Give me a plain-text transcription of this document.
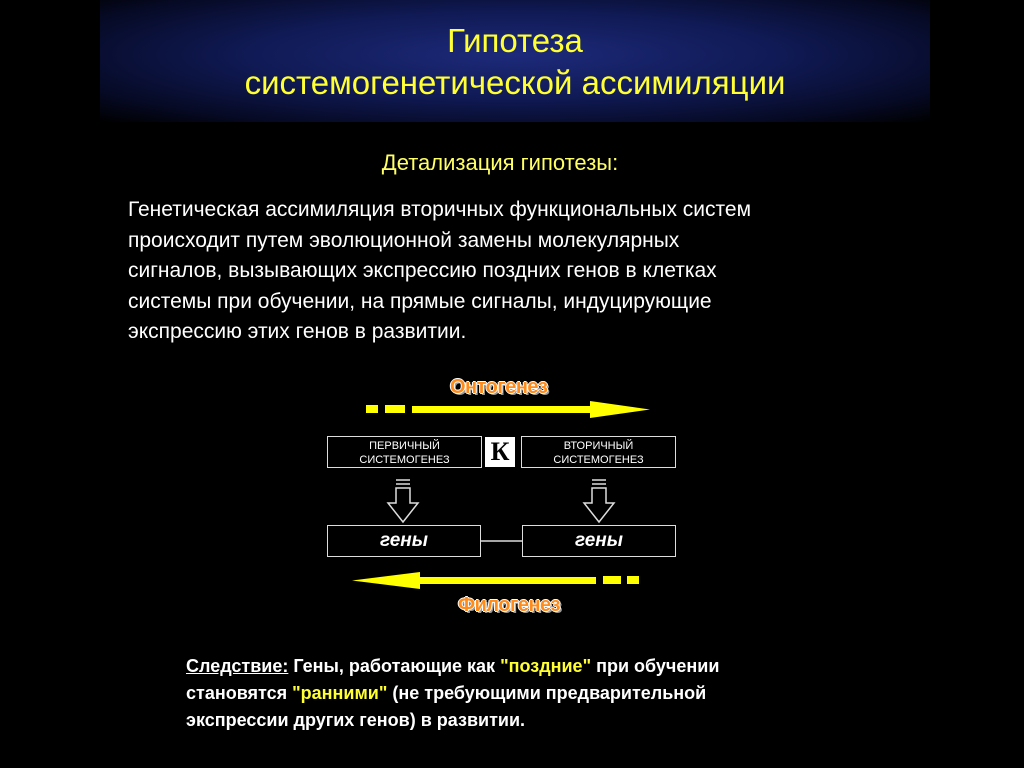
Гипотеза
системогенетической ассимиляции
Детализация гипотезы:
Генетическая ассимиляция вторичных функциональных систем
происходит путем эволюционной замены молекулярных
сигналов, вызывающих экспрессию поздних генов в клетках
системы при обучении, на прямые сигналы, индуцирующие
экспрессию этих генов в развитии.
Онтогенез
Филогенез
ПЕРВИЧНЫЙ
СИСТЕМОГЕНЕЗ	К	ВТОРИЧНЫЙ
СИСТЕМОГЕНЕЗ
гены	гены
Следствие: Гены, работающие как "поздние" при обучении
становятся "ранними" (не требующими предварительной
экспрессии других генов) в развитии.
